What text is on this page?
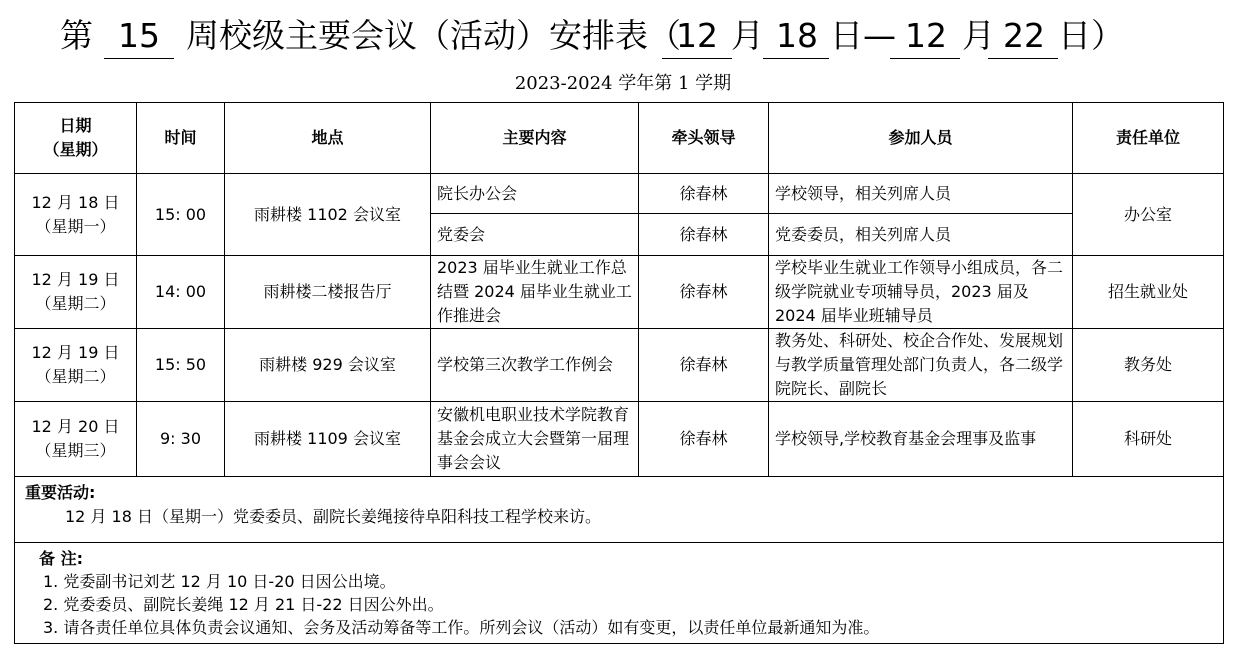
第 15 周校级主要会议（活动）安排表（
12 月 18 日— 12 月 22 日）
2023-2024 学年第 1 学期
日期
（星期）	时间	地点	主要内容	牵头领导	参加人员	责任单位
12 月 18 日
（星期一）	15: 00	雨耕楼 1102 会议室	院长办公会	徐春林	学校领导，相关列席人员	办公室
			党委会	徐春林	党委委员，相关列席人员	
12 月 19 日
（星期二）	14: 00	雨耕楼二楼报告厅	2023 届毕业生就业工作总结暨 2024 届毕业生就业工作推进会	徐春林	学校毕业生就业工作领导小组成员，各二级学院就业专项辅导员，2023 届及 2024 届毕业班辅导员	招生就业处
12 月 19 日
（星期二）	15: 50	雨耕楼 929 会议室	学校第三次教学工作例会	徐春林	教务处、科研处、校企合作处、发展规划与教学质量管理处部门负责人，各二级学院院长、副院长	教务处
12 月 20 日
（星期三）	9: 30	雨耕楼 1109 会议室	安徽机电职业技术学院教育基金会成立大会暨第一届理事会会议	徐春林	学校领导,学校教育基金会理事及监事	科研处

重要活动:
12 月 18 日（星期一）党委委员、副院长姜绳接待阜阳科技工程学校来访。						

备 注:
1. 党委副书记刘艺 12 月 10 日-20 日因公出境。
2. 党委委员、副院长姜绳 12 月 21 日-22 日因公外出。
3. 请各责任单位具体负责会议通知、会务及活动筹备等工作。所列会议（活动）如有变更，以责任单位最新通知为准。						
